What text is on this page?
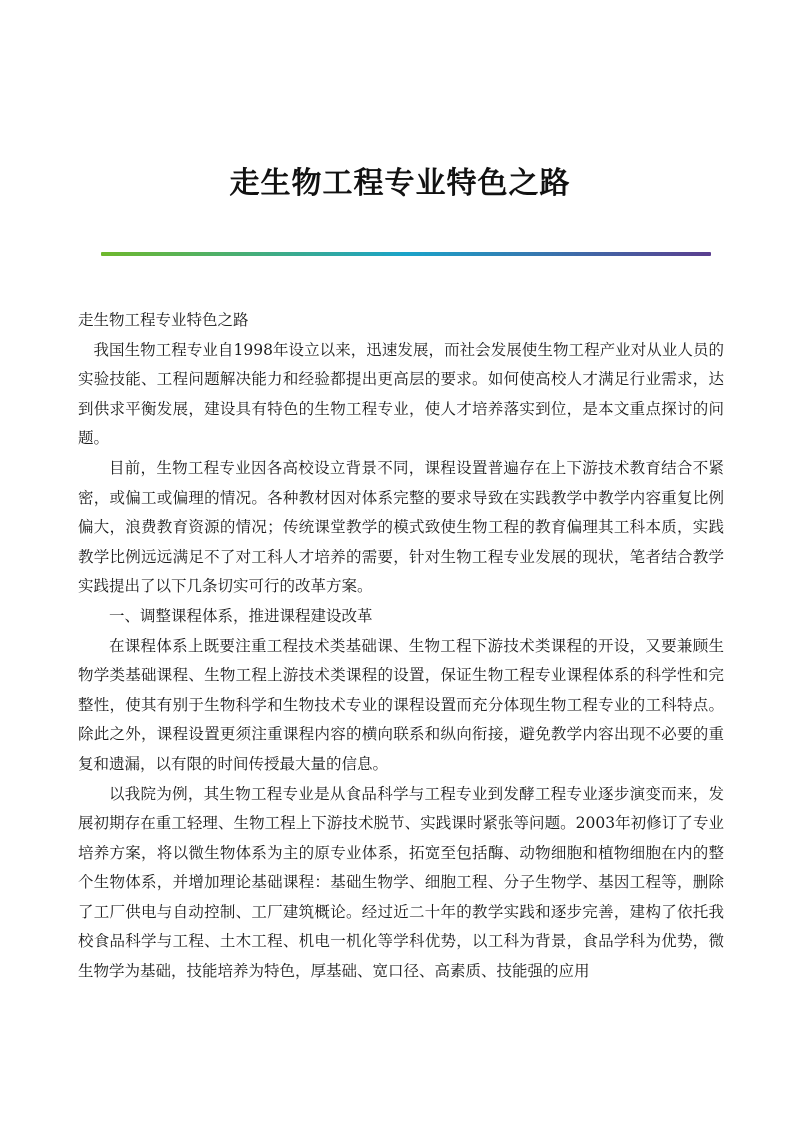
走生物工程专业特色之路

走生物工程专业特色之路

我国生物工程专业自1998年设立以来，迅速发展，而社会发展使生物工程产业对从业人员的实验技能、工程问题解决能力和经验都提出更高层的要求。如何使高校人才满足行业需求，达到供求平衡发展，建设具有特色的生物工程专业，使人才培养落实到位，是本文重点探讨的问题。

目前，生物工程专业因各高校设立背景不同，课程设置普遍存在上下游技术教育结合不紧密，或偏工或偏理的情况。各种教材因对体系完整的要求导致在实践教学中教学内容重复比例偏大，浪费教育资源的情况；传统课堂教学的模式致使生物工程的教育偏理其工科本质，实践教学比例远远满足不了对工科人才培养的需要，针对生物工程专业发展的现状，笔者结合教学实践提出了以下几条切实可行的改革方案。

一、调整课程体系，推进课程建设改革

在课程体系上既要注重工程技术类基础课、生物工程下游技术类课程的开设，又要兼顾生物学类基础课程、生物工程上游技术类课程的设置，保证生物工程专业课程体系的科学性和完整性，使其有别于生物科学和生物技术专业的课程设置而充分体现生物工程专业的工科特点。除此之外，课程设置更须注重课程内容的横向联系和纵向衔接，避免教学内容出现不必要的重复和遗漏，以有限的时间传授最大量的信息。

以我院为例，其生物工程专业是从食品科学与工程专业到发酵工程专业逐步演变而来，发展初期存在重工轻理、生物工程上下游技术脱节、实践课时紧张等问题。2003年初修订了专业培养方案，将以微生物体系为主的原专业体系，拓宽至包括酶、动物细胞和植物细胞在内的整个生物体系，并增加理论基础课程：基础生物学、细胞工程、分子生物学、基因工程等，删除了工厂供电与自动控制、工厂建筑概论。经过近二十年的教学实践和逐步完善，建构了依托我校食品科学与工程、土木工程、机电一机化等学科优势，以工科为背景，食品学科为优势，微生物学为基础，技能培养为特色，厚基础、宽口径、高素质、技能强的应用
